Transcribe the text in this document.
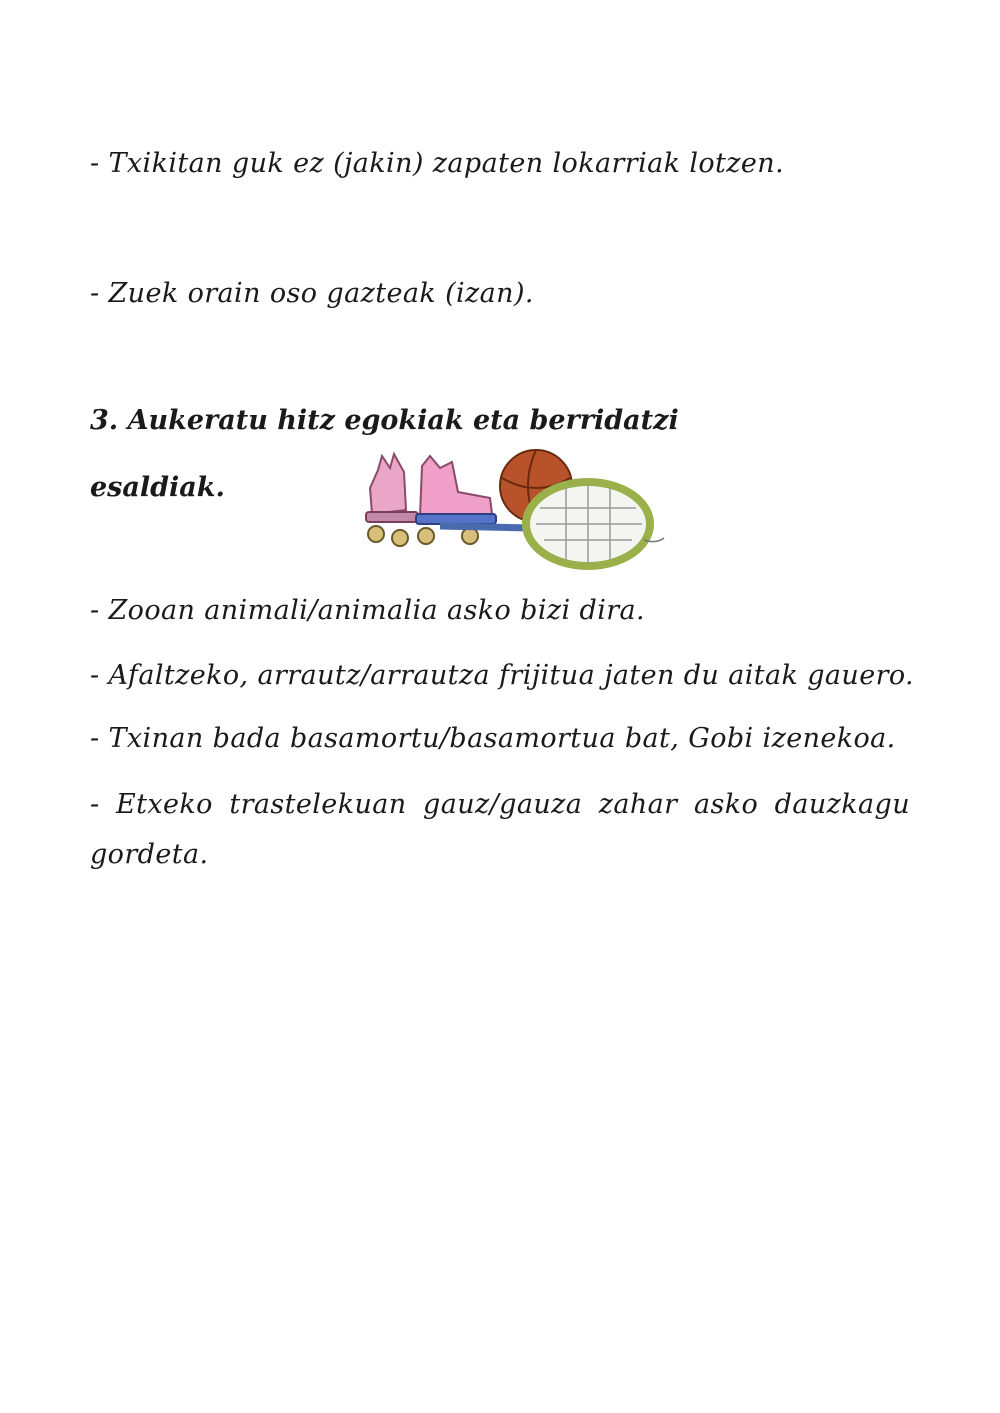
- Txikitan guk ez (jakin) zapaten lokarriak lotzen.
- Zuek orain oso gazteak (izan).
3. Aukeratu hitz egokiak eta berridatzi
esaldiak.
- Zooan animali/animalia asko bizi dira.
- Afaltzeko, arrautz/arrautza frijitua jaten du aitak gauero.
- Txinan bada basamortu/basamortua bat, Gobi izenekoa.
- Etxeko trastelekuan gauz/gauza zahar asko dauzkagu gordeta.
